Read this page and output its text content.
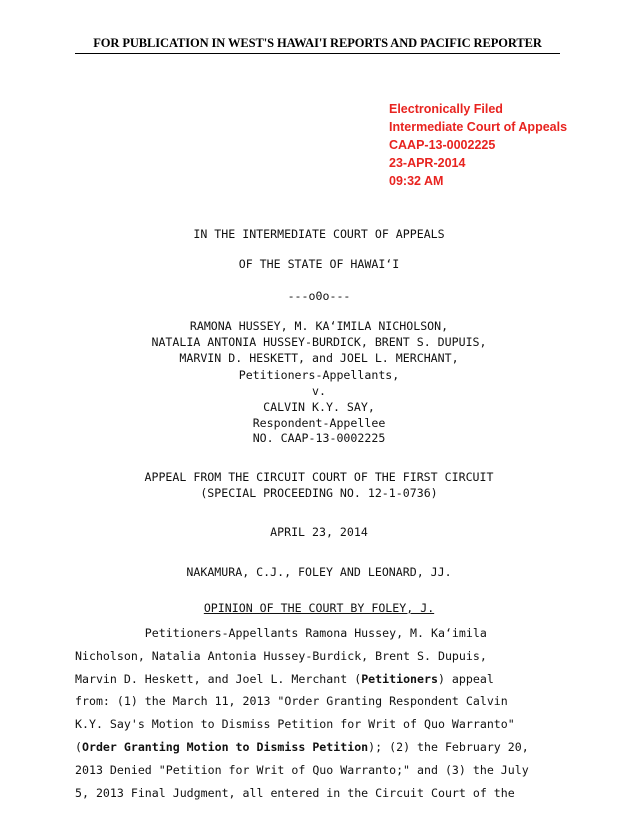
FOR PUBLICATION IN WEST'S HAWAI'I REPORTS AND PACIFIC REPORTER
Electronically Filed
Intermediate Court of Appeals
CAAP-13-0002225
23-APR-2014
09:32 AM
IN THE INTERMEDIATE COURT OF APPEALS
OF THE STATE OF HAWAIʻI
---o0o---
RAMONA HUSSEY, M. KAʻIMILA NICHOLSON,
NATALIA ANTONIA HUSSEY-BURDICK, BRENT S. DUPUIS,
MARVIN D. HESKETT, and JOEL L. MERCHANT,
Petitioners-Appellants,
v.
CALVIN K.Y. SAY,
Respondent-Appellee
NO. CAAP-13-0002225
APPEAL FROM THE CIRCUIT COURT OF THE FIRST CIRCUIT
(SPECIAL PROCEEDING NO. 12-1-0736)
APRIL 23, 2014
NAKAMURA, C.J., FOLEY AND LEONARD, JJ.
OPINION OF THE COURT BY FOLEY, J.
Petitioners-Appellants Ramona Hussey, M. Kaʻimila
Nicholson, Natalia Antonia Hussey-Burdick, Brent S. Dupuis,
Marvin D. Heskett, and Joel L. Merchant (Petitioners) appeal
from: (1) the March 11, 2013 "Order Granting Respondent Calvin
K.Y. Say's Motion to Dismiss Petition for Writ of Quo Warranto"
(Order Granting Motion to Dismiss Petition); (2) the February 20,
2013 Denied "Petition for Writ of Quo Warranto;" and (3) the July
5, 2013 Final Judgment, all entered in the Circuit Court of the
